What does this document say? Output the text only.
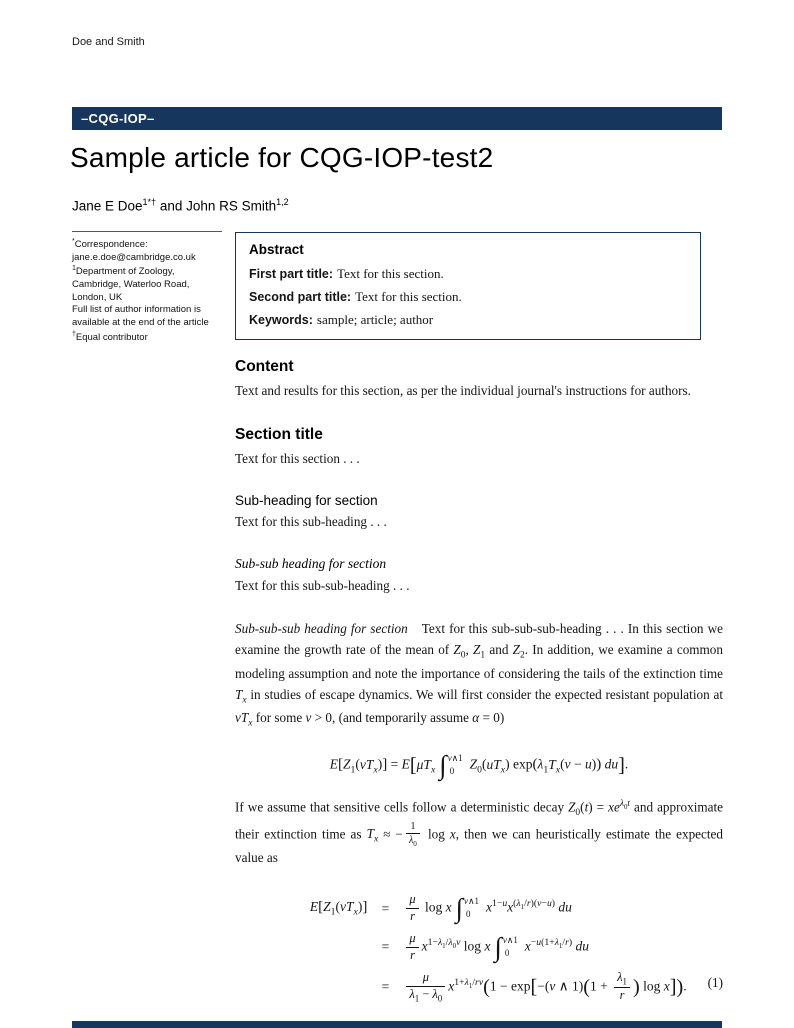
Doe and Smith
–CQG-IOP–
Sample article for CQG-IOP-test2
Jane E Doe$^{1*\dagger}$ and John RS Smith$^{1,2}$
*Correspondence:
jane.e.doe@cambridge.co.uk
$^1$Department of Zoology,
Cambridge, Waterloo Road,
London, UK
Full list of author information is
available at the end of the article
†Equal contributor
Abstract
First part title: Text for this section.
Second part title: Text for this section.
Keywords: sample; article; author
Content

Text and results for this section, as per the individual journal's instructions for authors.

Section title

Text for this section . . .

Sub-heading for section

Text for this sub-heading . . .

Sub-sub heading for section

Text for this sub-sub-heading . . .

Sub-sub-sub heading for section Text for this sub-sub-sub-heading . . . In this section we examine the growth rate of the mean of $Z_0$, $Z_1$ and $Z_2$. In addition, we examine a common modeling assumption and note the importance of considering the tails of the extinction time $T_x$ in studies of escape dynamics. We will first consider the expected resistant population at $vT_x$ for some v > 0, (and temporarily assume α = 0)

$E[Z_1(vT_x)] = E[\mu T_x$ ∫ v∧1
0	$Z_0(uT_x) \exp(\lambda_1T_x(v - u))$ du].

If we assume that sensitive cells follow a deterministic decay $Z_0(t) = xe^{\lambda_0t}$ and approximate their extinction time as $T_x$ ≈ − $\frac{1}{\lambda_0}$ log x, then we can heuristically estimate the expected value as

$E[Z_1(vT_x)]$	=	$\frac{\mu}{r}$ log x ∫ v∧1
0	$x^{1-u}x^{(\lambda_1/r)(v-u)}$ du
=	$\frac{\mu}{r} x^{1-\lambda_1/\lambda_0v}$ log x ∫ v∧1
0	$x^{-u(1+\lambda_1/r)}$ du
=	$\frac{\mu}{\lambda_1 - \lambda_0} x^{1+\lambda_1/rv}(1 - \exp[-(v$ ∧ $1)(1 + \frac{\lambda_1}{r}$ ) log x]). (1)
